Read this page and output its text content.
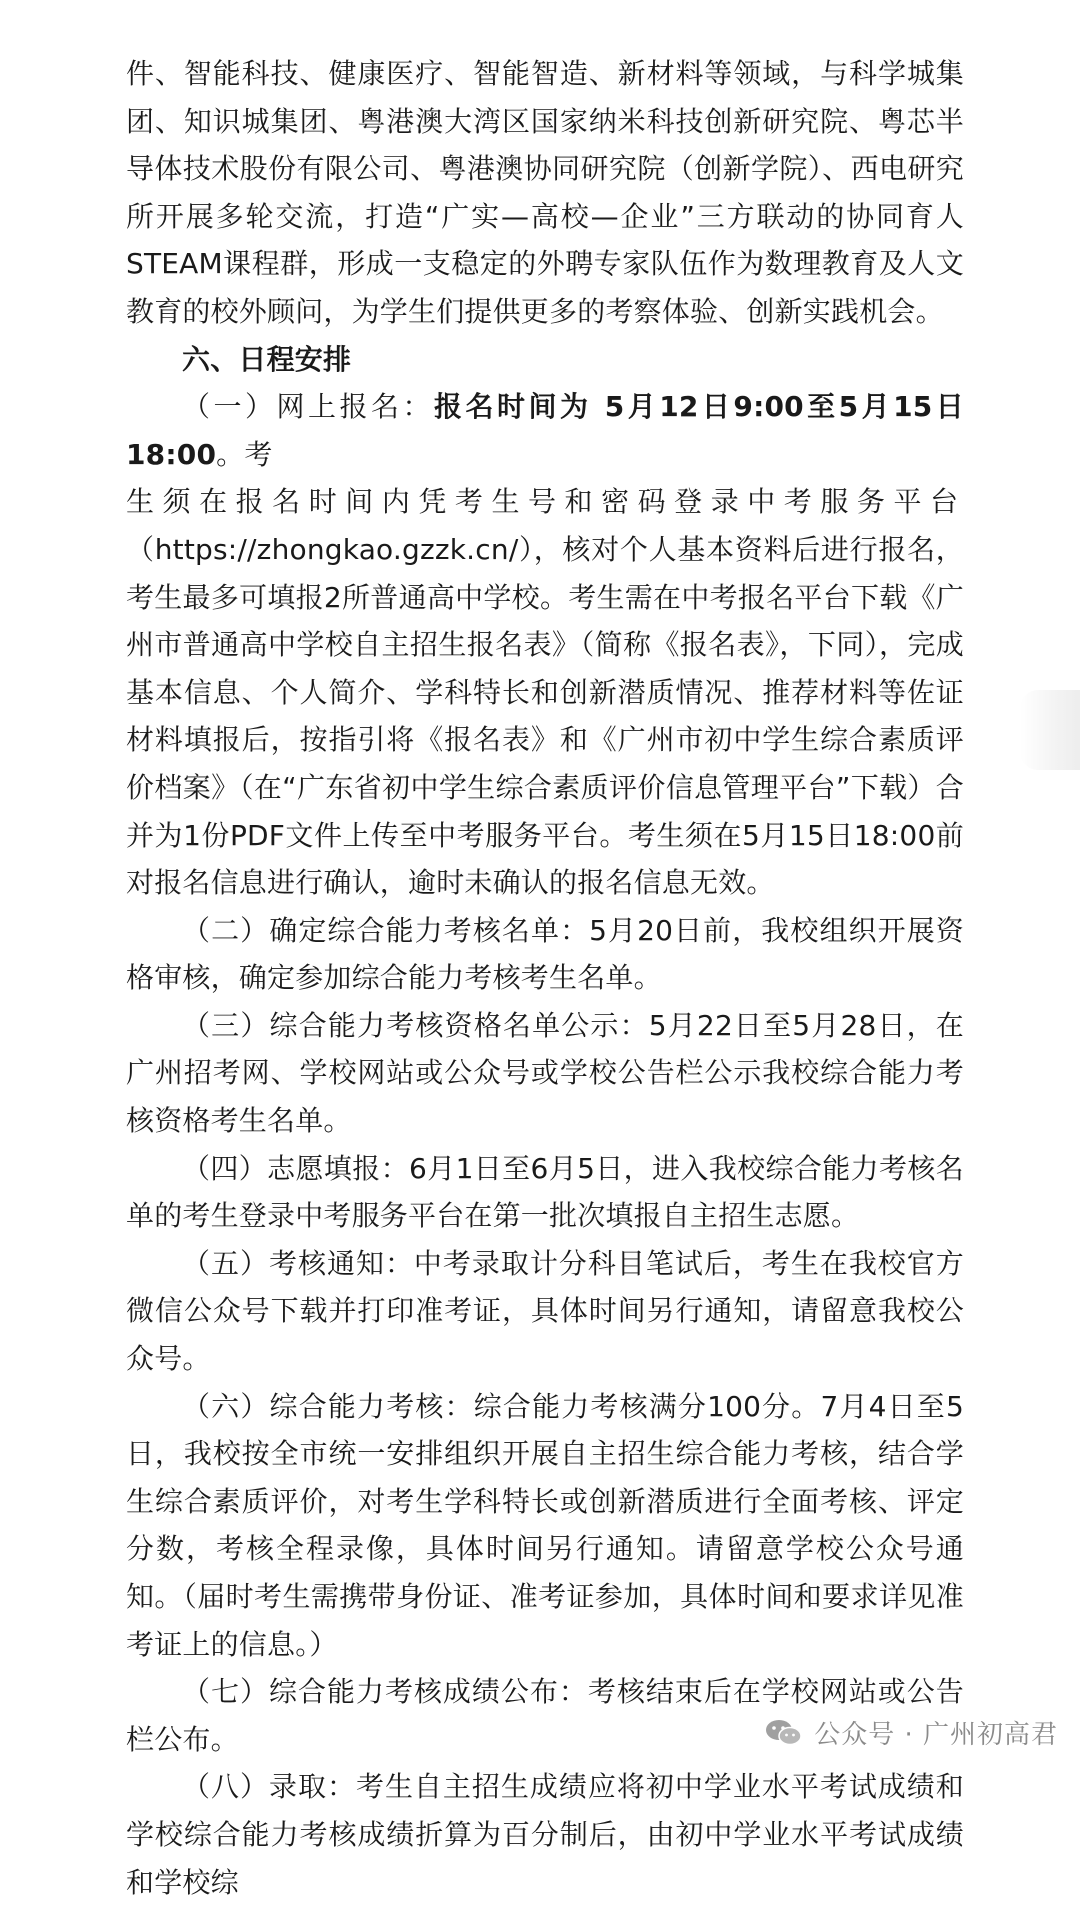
件、智能科技、健康医疗、智能智造、新材料等领域，与科学城集团、知识城集团、粤港澳大湾区国家纳米科技创新研究院、粤芯半导体技术股份有限公司、粤港澳协同研究院（创新学院）、西电研究所开展多轮交流，打造“广实—高校—企业”三方联动的协同育人STEAM课程群，形成一支稳定的外聘专家队伍作为数理教育及人文教育的校外顾问，为学生们提供更多的考察体验、创新实践机会。

六、日程安排

（一）网上报名：报名时间为 5月12日9:00至5月15日18:00。考

生须在报名时间内凭考生号和密码登录中考服务平台

（https://zhongkao.gzzk.cn/），核对个人基本资料后进行报名，考生最多可填报2所普通高中学校。考生需在中考报名平台下载《广州市普通高中学校自主招生报名表》（简称《报名表》，下同），完成基本信息、个人简介、学科特长和创新潜质情况、推荐材料等佐证材料填报后，按指引将《报名表》和《广州市初中学生综合素质评价档案》（在“广东省初中学生综合素质评价信息管理平台”下载）合并为1份PDF文件上传至中考服务平台。考生须在5月15日18:00前对报名信息进行确认，逾时未确认的报名信息无效。

（二）确定综合能力考核名单：5月20日前，我校组织开展资格审核，确定参加综合能力考核考生名单。

（三）综合能力考核资格名单公示：5月22日至5月28日，在广州招考网、学校网站或公众号或学校公告栏公示我校综合能力考核资格考生名单。

（四）志愿填报：6月1日至6月5日，进入我校综合能力考核名单的考生登录中考服务平台在第一批次填报自主招生志愿。

（五）考核通知：中考录取计分科目笔试后，考生在我校官方微信公众号下载并打印准考证，具体时间另行通知，请留意我校公众号。

（六）综合能力考核：综合能力考核满分100分。7月4日至5日，我校按全市统一安排组织开展自主招生综合能力考核，结合学生综合素质评价，对考生学科特长或创新潜质进行全面考核、评定分数，考核全程录像，具体时间另行通知。请留意学校公众号通知。（届时考生需携带身份证、准考证参加，具体时间和要求详见准考证上的信息。）

（七）综合能力考核成绩公布：考核结束后在学校网站或公告栏公布。

（八）录取：考生自主招生成绩应将初中学业水平考试成绩和学校综合能力考核成绩折算为百分制后，由初中学业水平考试成绩和学校综

公众号 · 广州初高君
